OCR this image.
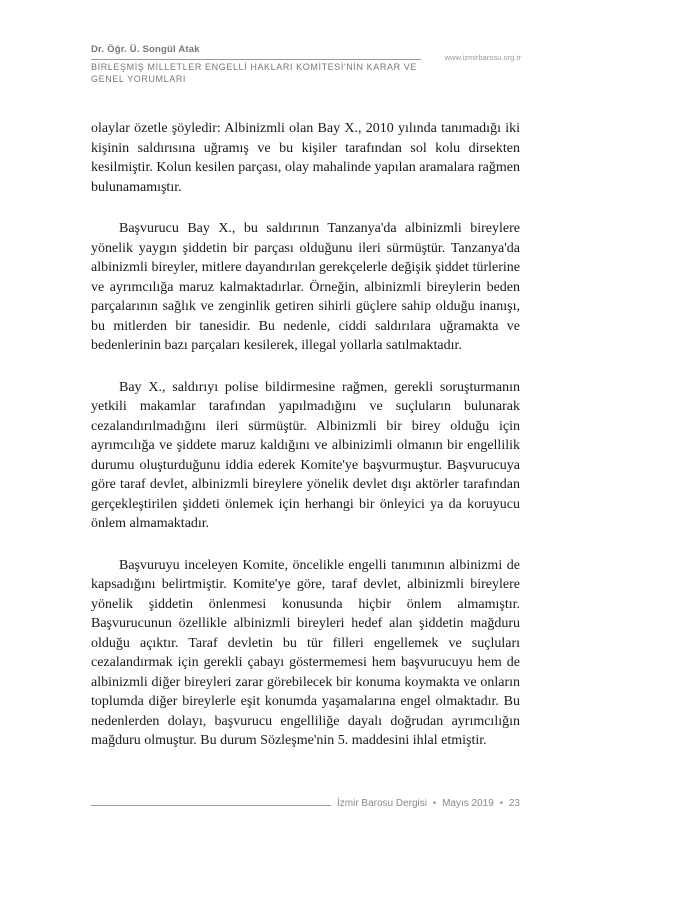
Dr. Öğr. Ü. Songül Atak
www.izmirbarosu.org.tr
BİRLEŞMİŞ MİLLETLER ENGELLİ HAKLARI KOMİTESİ'NİN KARAR VE
GENEL YORUMLARI

olaylar özetle şöyledir: Albinizmli olan Bay X., 2010 yılında tanımadığı iki kişinin saldırısına uğramış ve bu kişiler tarafından sol kolu dirsekten kesilmiştir. Kolun kesilen parçası, olay mahalinde yapılan aramalara rağmen bulunamamıştır.

Başvurucu Bay X., bu saldırının Tanzanya'da albinizmli bireylere yönelik yaygın şiddetin bir parçası olduğunu ileri sürmüştür. Tanzanya'da albinizmli bireyler, mitlere dayandırılan gerekçelerle değişik şiddet türlerine ve ayrımcılığa maruz kalmaktadırlar. Örneğin, albinizmli bireylerin beden parçalarının sağlık ve zenginlik getiren sihirli güçlere sahip olduğu inanışı, bu mitlerden bir tanesidir. Bu nedenle, ciddi saldırılara uğramakta ve bedenlerinin bazı parçaları kesilerek, illegal yollarla satılmaktadır.

Bay X., saldırıyı polise bildirmesine rağmen, gerekli soruşturmanın yetkili makamlar tarafından yapılmadığını ve suçluların bulunarak cezalandırılmadığını ileri sürmüştür. Albinizmli bir birey olduğu için ayrımcılığa ve şiddete maruz kaldığını ve albinizimli olmanın bir engellilik durumu oluşturduğunu iddia ederek Komite'ye başvurmuştur. Başvurucuya göre taraf devlet, albinizmli bireylere yönelik devlet dışı aktörler tarafından gerçekleştirilen şiddeti önlemek için herhangi bir önleyici ya da koruyucu önlem almamaktadır.

Başvuruyu inceleyen Komite, öncelikle engelli tanımının albinizmi de kapsadığını belirtmiştir. Komite'ye göre, taraf devlet, albinizmli bireylere yönelik şiddetin önlenmesi konusunda hiçbir önlem almamıştır. Başvurucunun özellikle albinizmli bireyleri hedef alan şiddetin mağduru olduğu açıktır. Taraf devletin bu tür filleri engellemek ve suçluları cezalandırmak için gerekli çabayı göstermemesi hem başvurucuyu hem de albinizmli diğer bireyleri zarar görebilecek bir konuma koymakta ve onların toplumda diğer bireylerle eşit konumda yaşamalarına engel olmaktadır. Bu nedenlerden dolayı, başvurucu engelliliğe dayalı doğrudan ayrımcılığın mağduru olmuştur. Bu durum Sözleşme'nin 5. maddesini ihlal etmiştir.

İzmir Barosu Dergisi • Mayıs 2019 • 23
